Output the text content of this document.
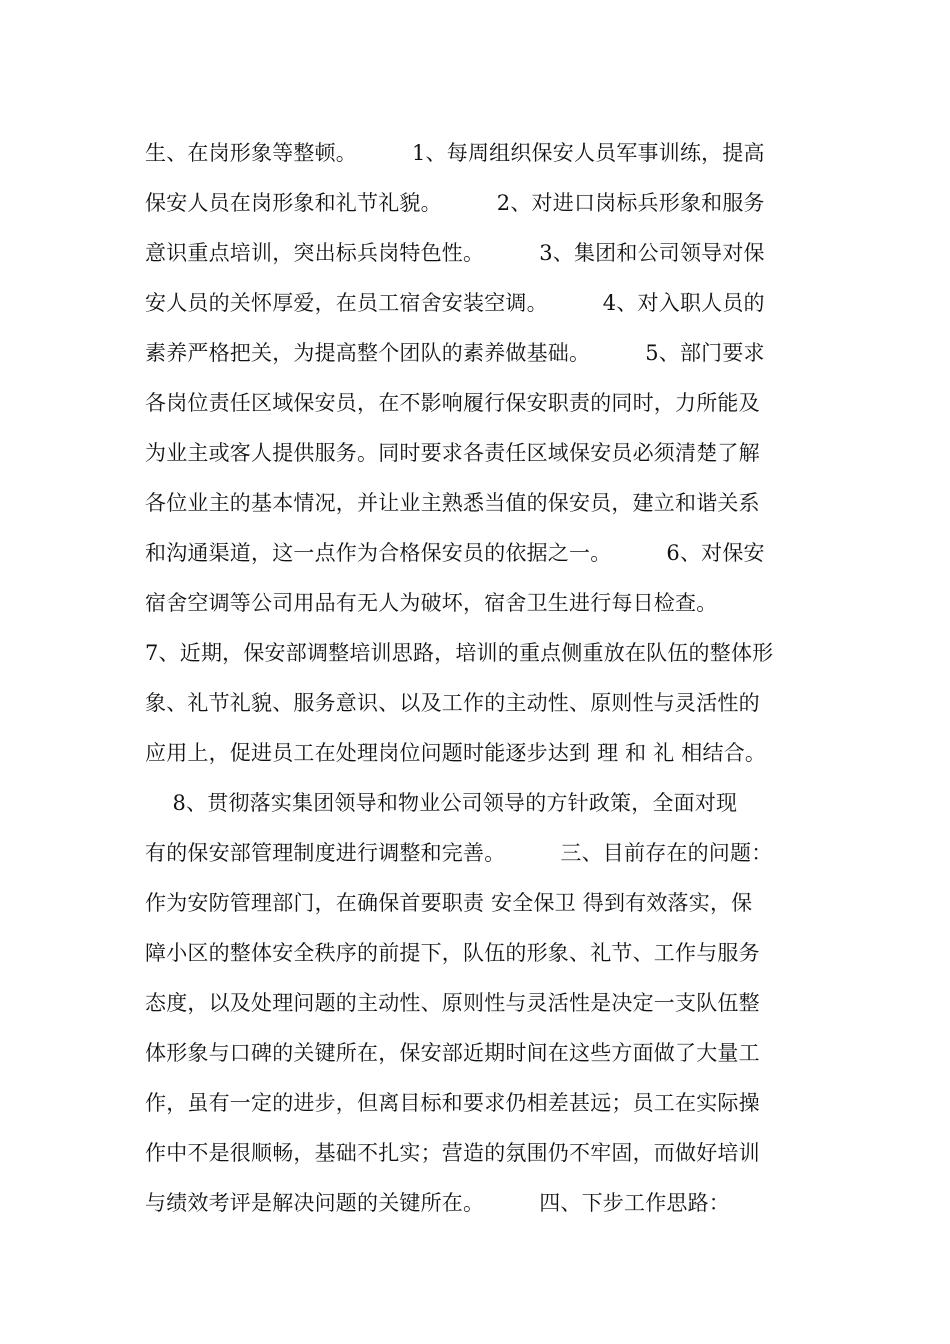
生、在岗形象等整顿。        1、每周组织保安人员军事训练，提高
保安人员在岗形象和礼节礼貌。        2、对进口岗标兵形象和服务
意识重点培训，突出标兵岗特色性。        3、集团和公司领导对保
安人员的关怀厚爱，在员工宿舍安装空调。        4、对入职人员的
素养严格把关，为提高整个团队的素养做基础。        5、部门要求
各岗位责任区域保安员，在不影响履行保安职责的同时，力所能及
为业主或客人提供服务。同时要求各责任区域保安员必须清楚了解
各位业主的基本情况，并让业主熟悉当值的保安员，建立和谐关系
和沟通渠道，这一点作为合格保安员的依据之一。        6、对保安
宿舍空调等公司用品有无人为破坏，宿舍卫生进行每日检查。
7、近期，保安部调整培训思路，培训的重点侧重放在队伍的整体形
象、礼节礼貌、服务意识、以及工作的主动性、原则性与灵活性的
应用上，促进员工在处理岗位问题时能逐步达到 理 和 礼 相结合。
8、贯彻落实集团领导和物业公司领导的方针政策，全面对现
有的保安部管理制度进行调整和完善。        三、目前存在的问题：
作为安防管理部门，在确保首要职责 安全保卫 得到有效落实，保
障小区的整体安全秩序的前提下，队伍的形象、礼节、工作与服务
态度，以及处理问题的主动性、原则性与灵活性是决定一支队伍整
体形象与口碑的关键所在，保安部近期时间在这些方面做了大量工
作，虽有一定的进步，但离目标和要求仍相差甚远；员工在实际操
作中不是很顺畅，基础不扎实；营造的氛围仍不牢固，而做好培训
与绩效考评是解决问题的关键所在。        四、下步工作思路：
